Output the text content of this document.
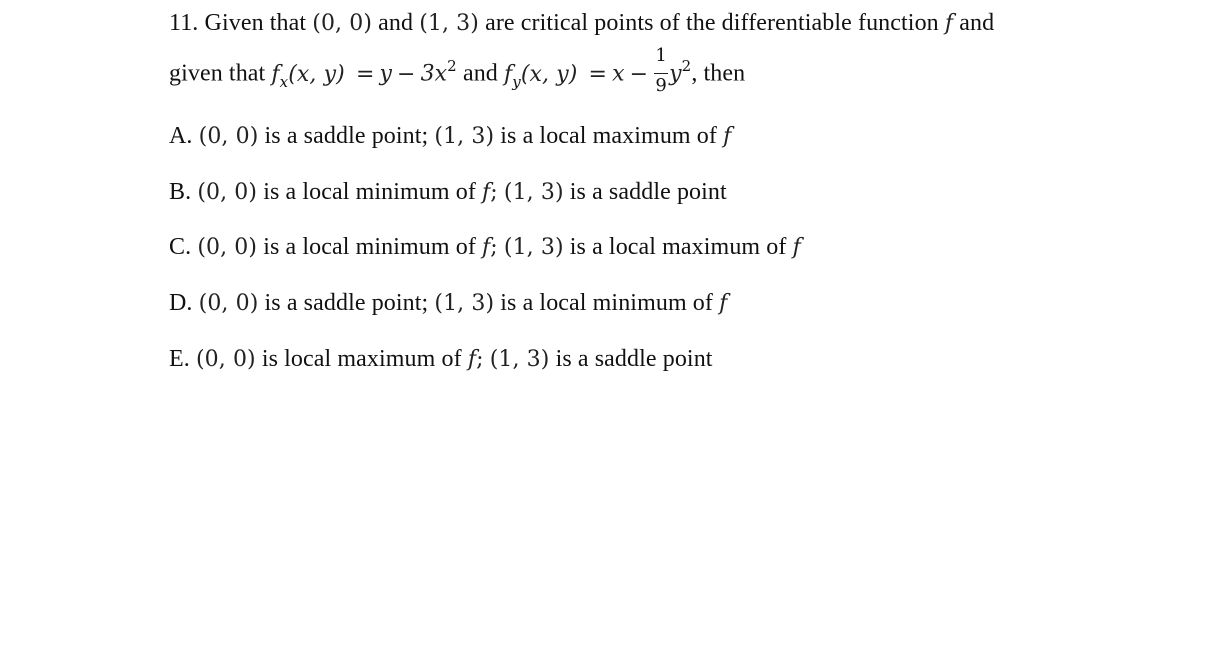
11. Given that (0, 0) and (1, 3) are critical points of the differentiable function f and
given that $f_x(x$, $y) = y - 3x^2$ and $f_y(x$, $y) = x - \frac{1}{9} y^2$, then
A. (0, 0) is a saddle point; (1, 3) is a local maximum of f
B. (0, 0) is a local minimum of f; (1, 3) is a saddle point
C. (0, 0) is a local minimum of f; (1, 3) is a local maximum of f
D. (0, 0) is a saddle point; (1, 3) is a local minimum of f
E. (0, 0) is local maximum of f; (1, 3) is a saddle point
